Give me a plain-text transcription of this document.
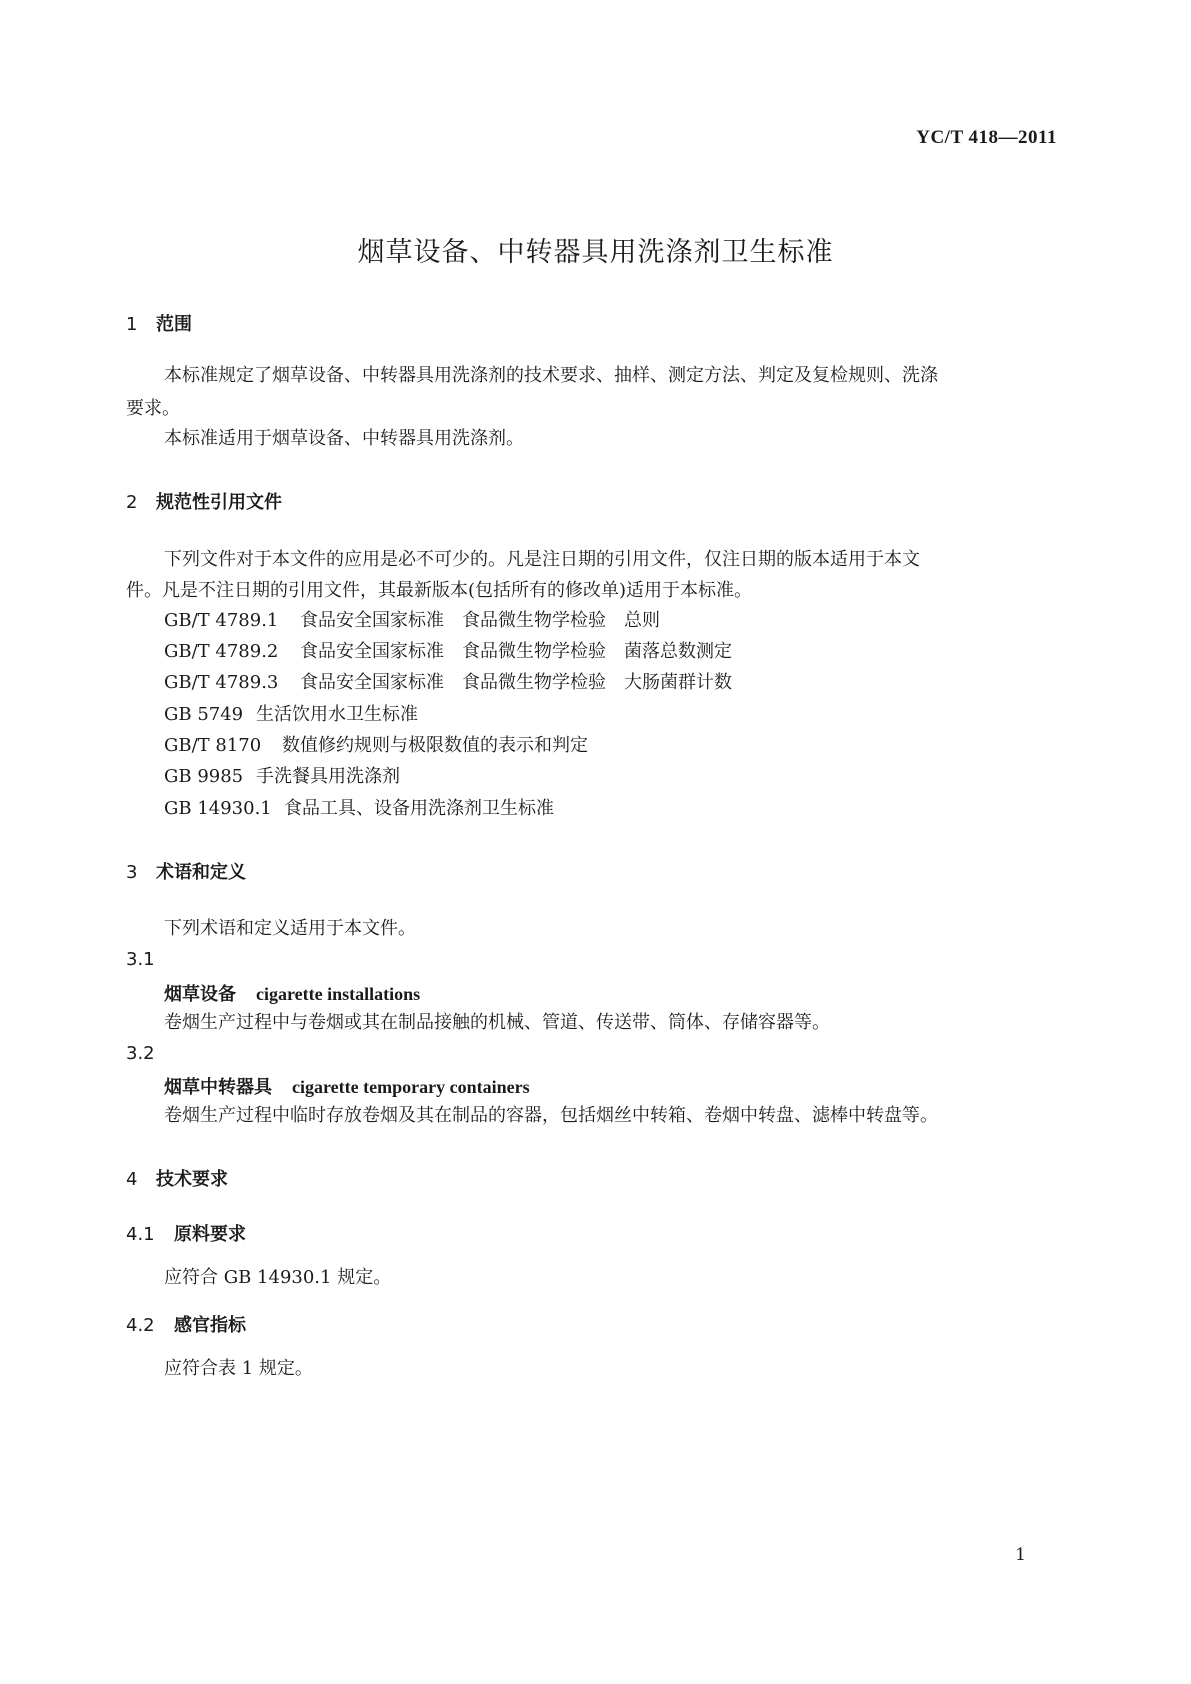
YC/T 418—2011
烟草设备、中转器具用洗涤剂卫生标准
1 范围
本标准规定了烟草设备、中转器具用洗涤剂的技术要求、抽样、测定方法、判定及复检规则、洗涤
要求。
本标准适用于烟草设备、中转器具用洗涤剂。
2 规范性引用文件
下列文件对于本文件的应用是必不可少的。凡是注日期的引用文件，仅注日期的版本适用于本文
件。凡是不注日期的引用文件，其最新版本(包括所有的修改单)适用于本标准。
GB/T 4789.1 食品安全国家标准　食品微生物学检验　总则
GB/T 4789.2 食品安全国家标准　食品微生物学检验　菌落总数测定
GB/T 4789.3 食品安全国家标准　食品微生物学检验　大肠菌群计数
GB 5749 生活饮用水卫生标准
GB/T 8170 数值修约规则与极限数值的表示和判定
GB 9985 手洗餐具用洗涤剂
GB 14930.1 食品工具、设备用洗涤剂卫生标准
3 术语和定义
下列术语和定义适用于本文件。
3.1
烟草设备 cigarette installations
卷烟生产过程中与卷烟或其在制品接触的机械、管道、传送带、筒体、存储容器等。
3.2
烟草中转器具 cigarette temporary containers
卷烟生产过程中临时存放卷烟及其在制品的容器，包括烟丝中转箱、卷烟中转盘、滤棒中转盘等。
4 技术要求
4.1 原料要求
应符合 GB 14930.1 规定。
4.2 感官指标
应符合表 1 规定。
1
